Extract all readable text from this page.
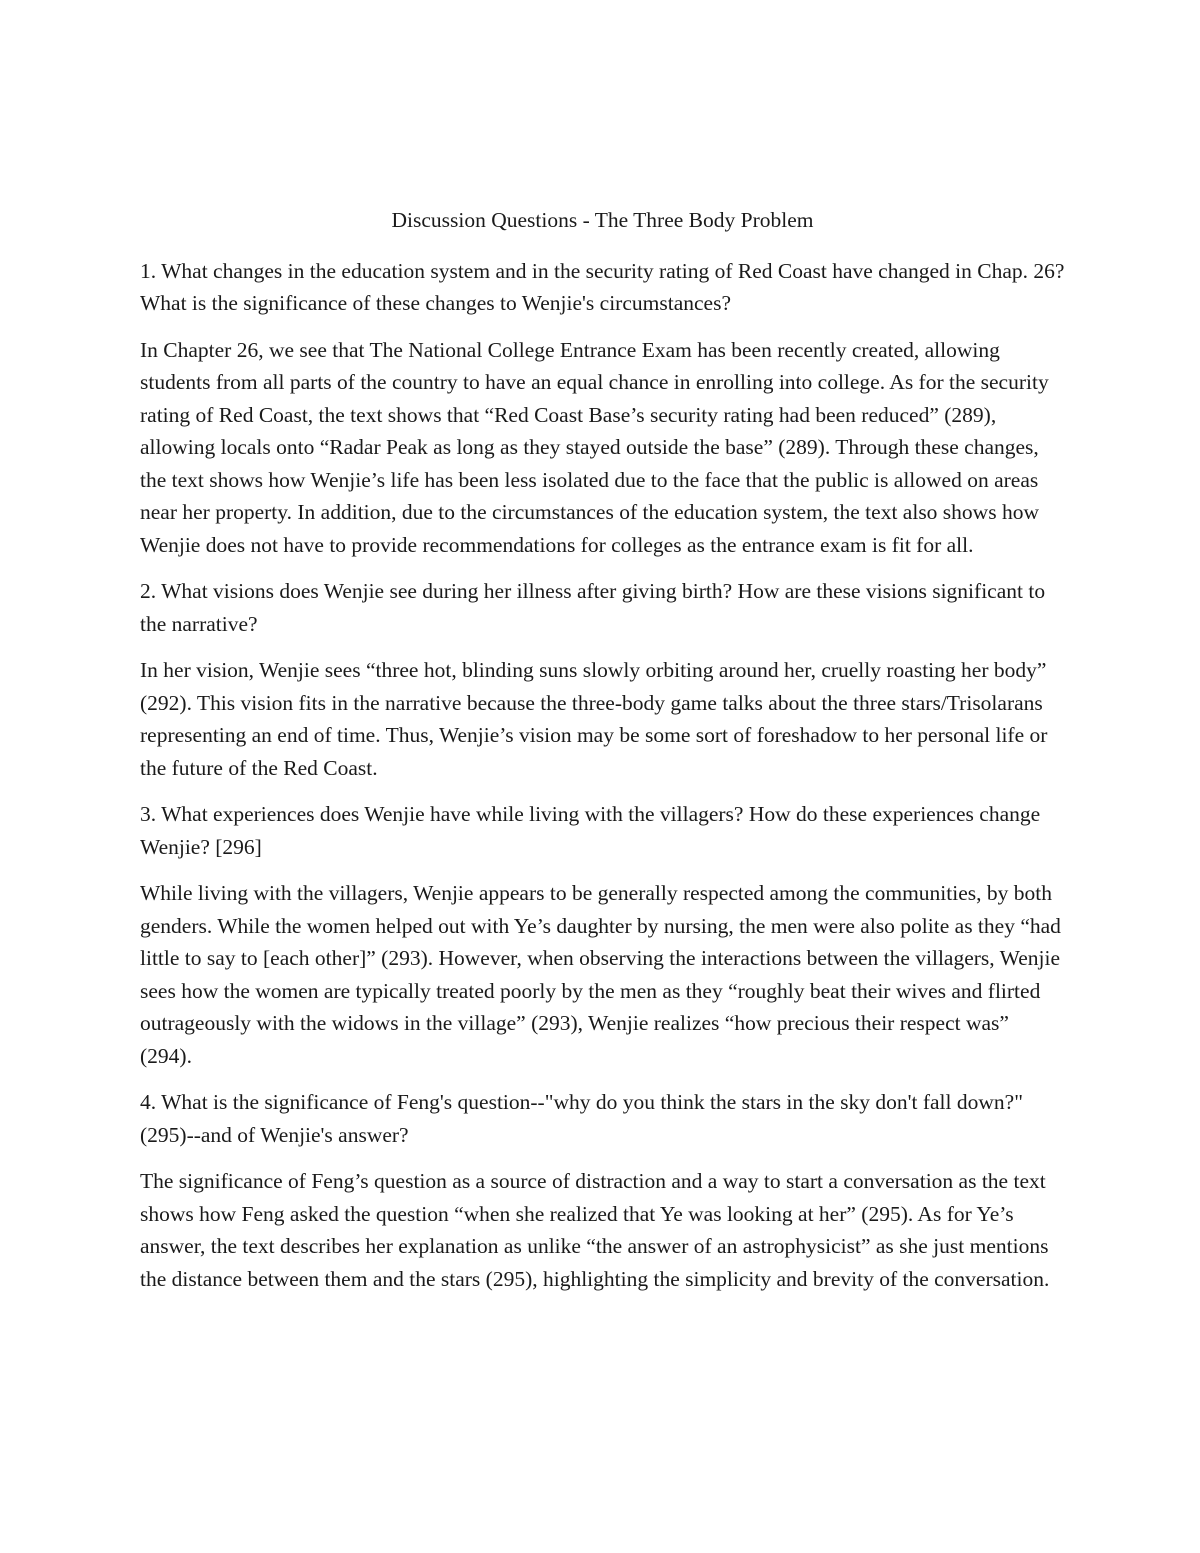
Discussion Questions - The Three Body Problem

1. What changes in the education system and in the security rating of Red Coast have changed in Chap. 26? What is the significance of these changes to Wenjie's circumstances?

In Chapter 26, we see that The National College Entrance Exam has been recently created, allowing students from all parts of the country to have an equal chance in enrolling into college. As for the security rating of Red Coast, the text shows that “Red Coast Base’s security rating had been reduced” (289), allowing locals onto “Radar Peak as long as they stayed outside the base” (289). Through these changes, the text shows how Wenjie’s life has been less isolated due to the face that the public is allowed on areas near her property. In addition, due to the circumstances of the education system, the text also shows how Wenjie does not have to provide recommendations for colleges as the entrance exam is fit for all.

2. What visions does Wenjie see during her illness after giving birth? How are these visions significant to the narrative?

In her vision, Wenjie sees “three hot, blinding suns slowly orbiting around her, cruelly roasting her body” (292). This vision fits in the narrative because the three-body game talks about the three stars/Trisolarans representing an end of time. Thus, Wenjie’s vision may be some sort of foreshadow to her personal life or the future of the Red Coast.

3. What experiences does Wenjie have while living with the villagers? How do these experiences change Wenjie? [296]

While living with the villagers, Wenjie appears to be generally respected among the communities, by both genders. While the women helped out with Ye’s daughter by nursing, the men were also polite as they “had little to say to [each other]” (293). However, when observing the interactions between the villagers, Wenjie sees how the women are typically treated poorly by the men as they “roughly beat their wives and flirted outrageously with the widows in the village” (293), Wenjie realizes “how precious their respect was” (294).

4. What is the significance of Feng's question--"why do you think the stars in the sky don't fall down?" (295)--and of Wenjie's answer?

The significance of Feng’s question as a source of distraction and a way to start a conversation as the text shows how Feng asked the question “when she realized that Ye was looking at her” (295). As for Ye’s answer, the text describes her explanation as unlike “the answer of an astrophysicist” as she just mentions the distance between them and the stars (295), highlighting the simplicity and brevity of the conversation.
